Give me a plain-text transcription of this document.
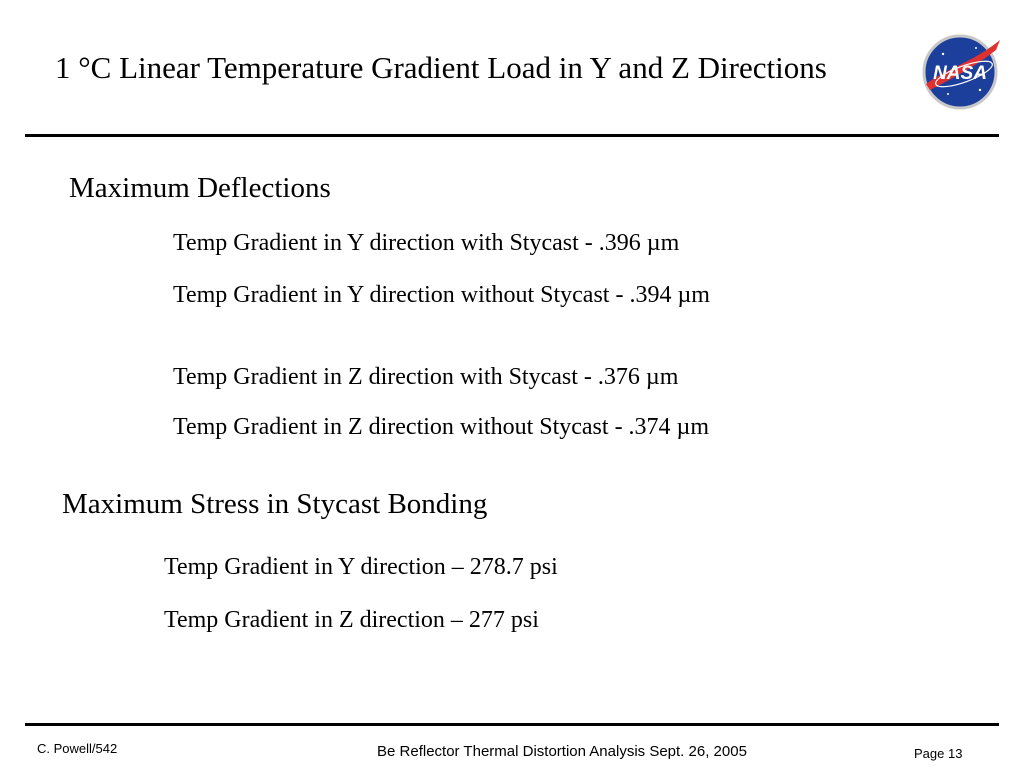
1 °C Linear Temperature Gradient Load in Y and Z Directions	NASA
Maximum Deflections
Temp Gradient in Y direction with Stycast - .396 µm
Temp Gradient in Y direction without Stycast - .394 µm
Temp Gradient in Z direction with Stycast - .376 µm
Temp Gradient in Z direction without Stycast - .374 µm
Maximum Stress in Stycast Bonding
Temp Gradient in Y direction – 278.7 psi
Temp Gradient in Z direction – 277 psi
C. Powell/542	Be Reflector Thermal Distortion Analysis Sept. 26, 2005	Page 13
